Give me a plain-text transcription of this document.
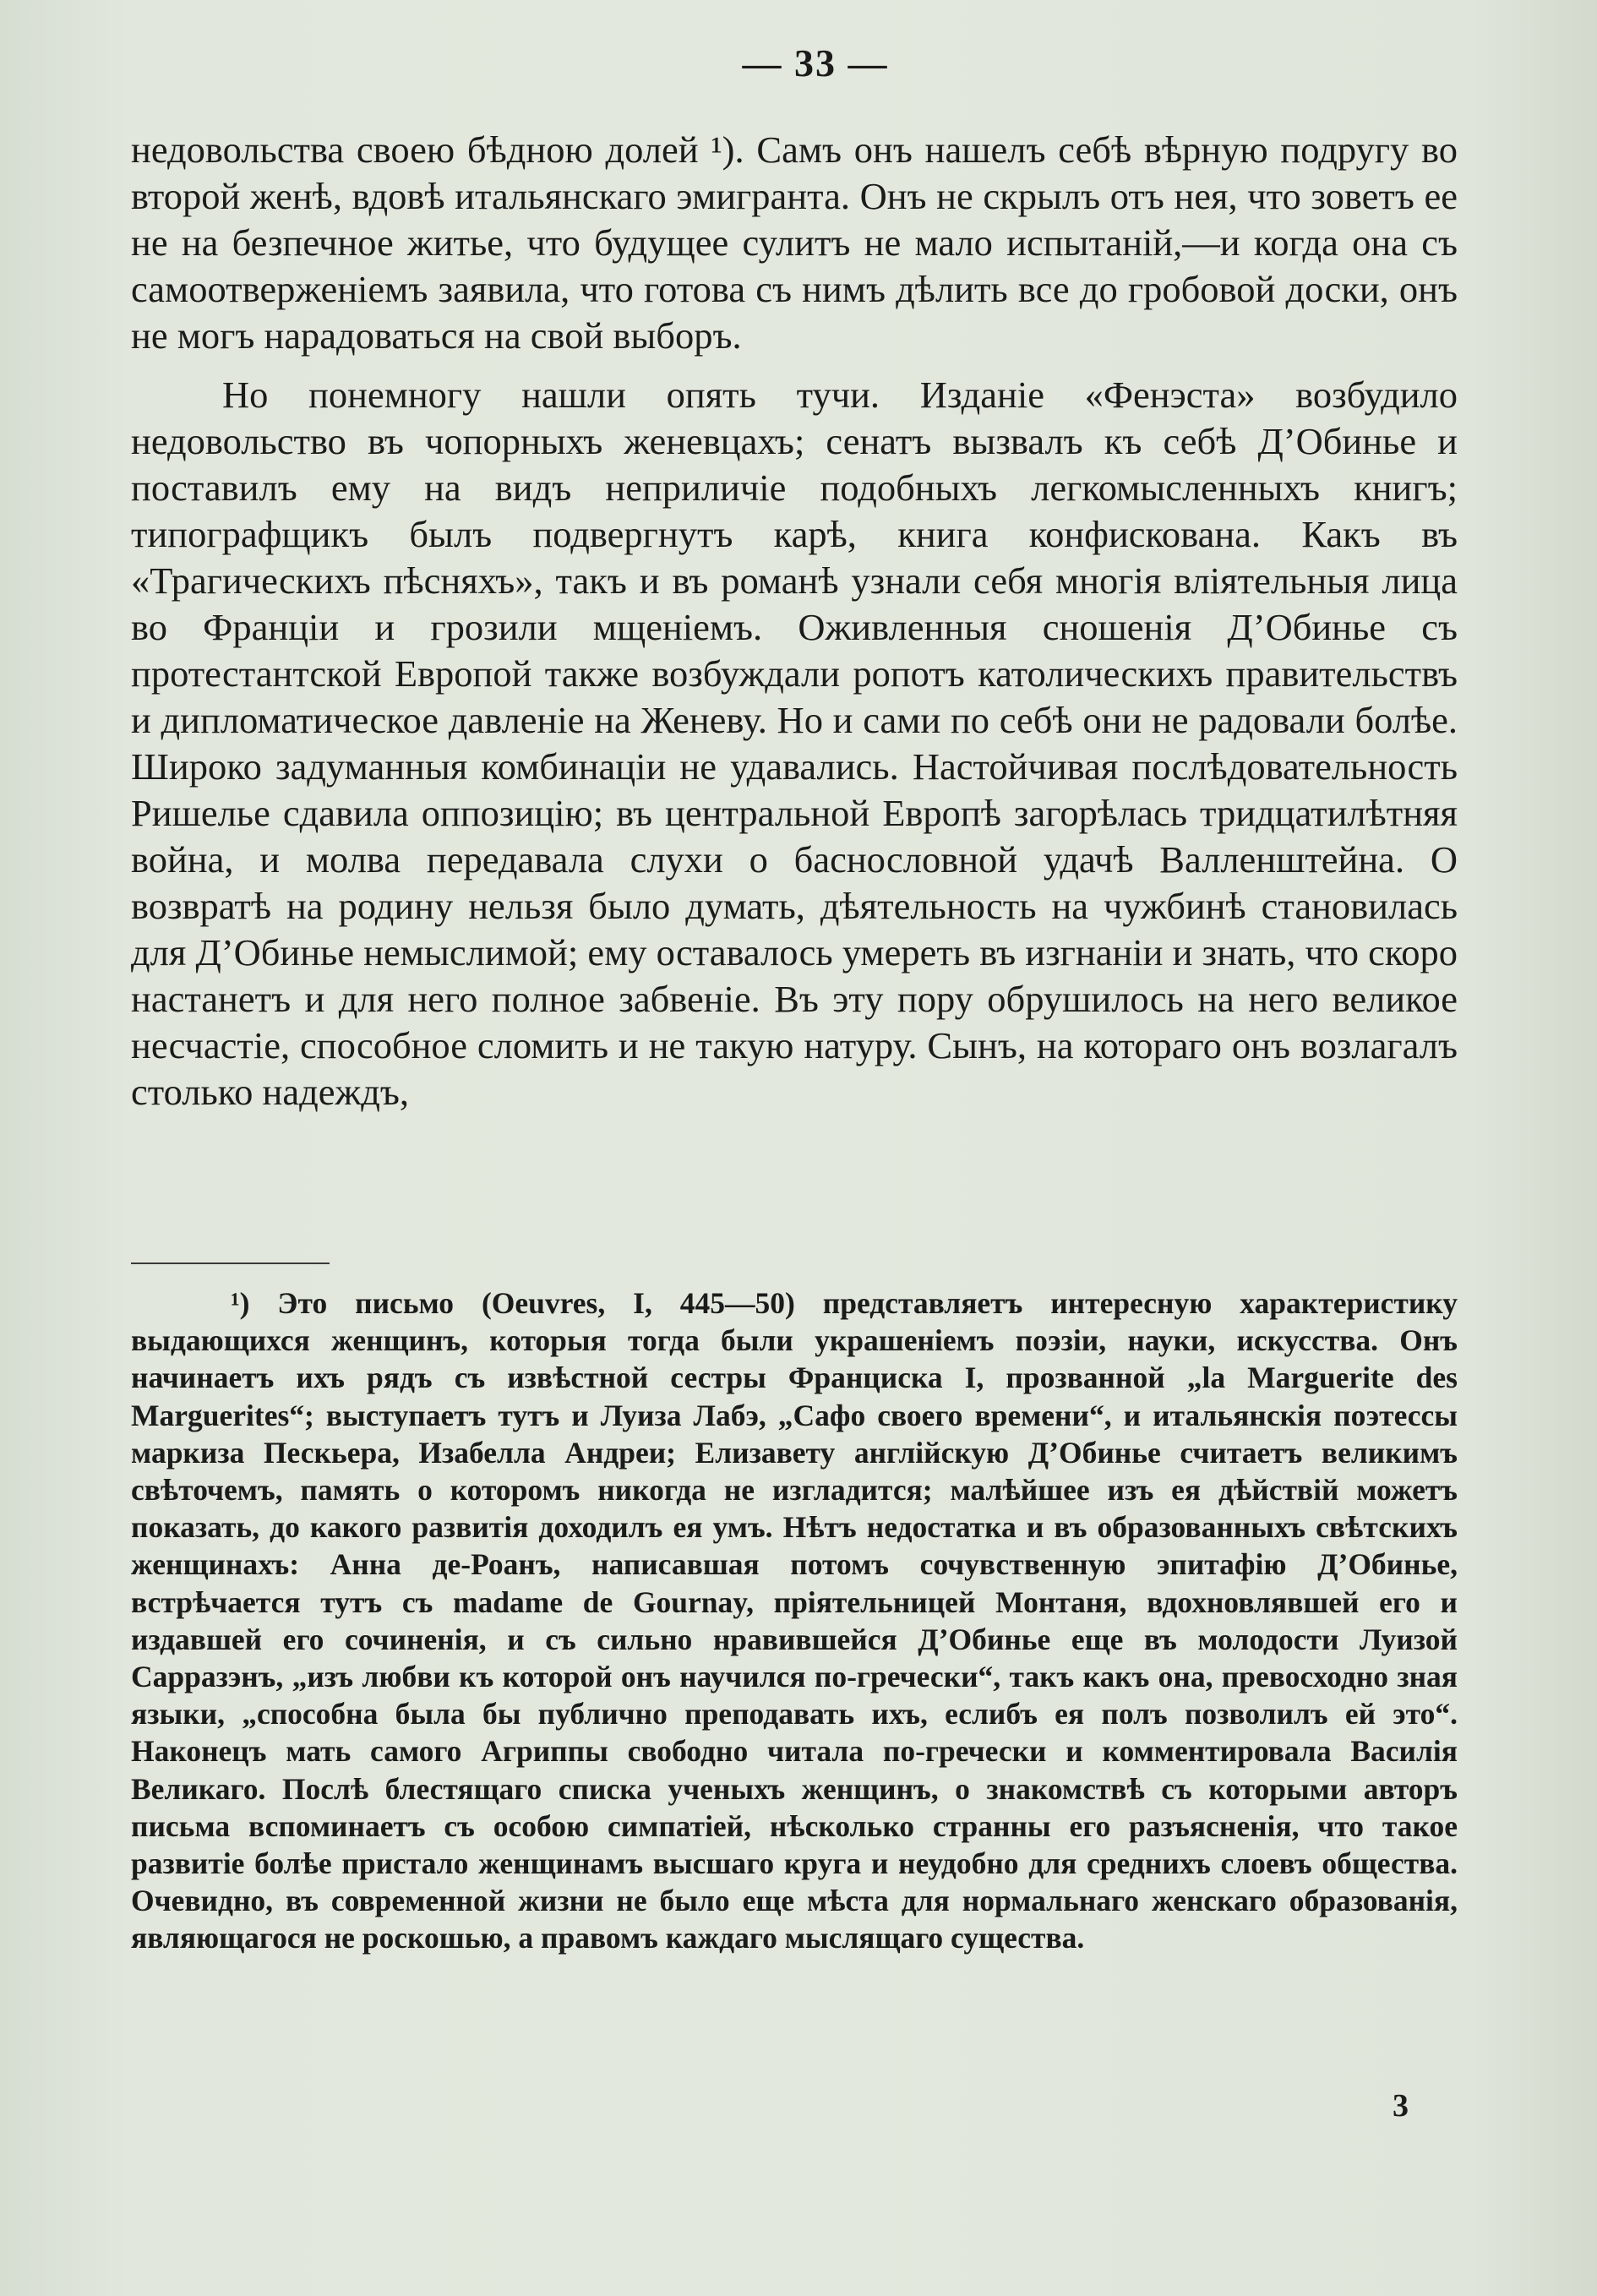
— 33 —

недовольства своею бѣдною долей ¹). Самъ онъ нашелъ себѣ вѣрную подругу во второй женѣ, вдовѣ итальянскаго эмигранта. Онъ не скрылъ отъ нея, что зоветъ ее не на безпечное житье, что будущее сулитъ не мало испытаній,—и когда она съ самоотверженіемъ заявила, что готова съ нимъ дѣлить все до гробовой доски, онъ не могъ нарадоваться на свой выборъ.

Но понемногу нашли опять тучи. Изданіе «Фенэста» возбудило недовольство въ чопорныхъ женевцахъ; сенатъ вызвалъ къ себѣ Д’Обинье и поставилъ ему на видъ неприличіе подобныхъ легкомысленныхъ книгъ; типографщикъ былъ подвергнутъ карѣ, книга конфискована. Какъ въ «Трагическихъ пѣсняхъ», такъ и въ романѣ узнали себя многія вліятельныя лица во Франціи и грозили мщеніемъ. Оживленныя сношенія Д’Обинье съ протестантской Европой также возбуждали ропотъ католическихъ правительствъ и дипломатическое давленіе на Женеву. Но и сами по себѣ они не радовали болѣе. Широко задуманныя комбинаціи не удавались. Настойчивая послѣдовательность Ришелье сдавила оппозицію; въ центральной Европѣ загорѣлась тридцатилѣтняя война, и молва передавала слухи о баснословной удачѣ Валленштейна. О возвратѣ на родину нельзя было думать, дѣятельность на чужбинѣ становилась для Д’Обинье немыслимой; ему оставалось умереть въ изгнаніи и знать, что скоро настанетъ и для него полное забвеніе. Въ эту пору обрушилось на него великое несчастіе, способное сломить и не такую натуру. Сынъ, на котораго онъ возлагалъ столько надеждъ,

¹) Это письмо (Oeuvres, I, 445—50) представляетъ интересную характеристику выдающихся женщинъ, которыя тогда были украшеніемъ поэзіи, науки, искусства. Онъ начинаетъ ихъ рядъ съ извѣстной сестры Франциска I, прозванной „la Marguerite des Marguerites“; выступаетъ тутъ и Луиза Лабэ, „Сафо своего времени“, и итальянскія поэтессы маркиза Пескьера, Изабелла Андреи; Елизавету англійскую Д’Обинье считаетъ великимъ свѣточемъ, память о которомъ никогда не изгладится; малѣйшее изъ ея дѣйствій можетъ показать, до какого развитія доходилъ ея умъ. Нѣтъ недостатка и въ образованныхъ свѣтскихъ женщинахъ: Анна де-Роанъ, написавшая потомъ сочувственную эпитафію Д’Обинье, встрѣчается тутъ съ madame de Gournay, пріятельницей Монтаня, вдохновлявшей его и издавшей его сочиненія, и съ сильно нравившейся Д’Обинье еще въ молодости Луизой Сарразэнъ, „изъ любви къ которой онъ научился по-гречески“, такъ какъ она, превосходно зная языки, „способна была бы публично преподавать ихъ, еслибъ ея полъ позволилъ ей это“. Наконецъ мать самого Агриппы свободно читала по-гречески и комментировала Василія Великаго. Послѣ блестящаго списка ученыхъ женщинъ, о знакомствѣ съ которыми авторъ письма вспоминаетъ съ особою симпатіей, нѣсколько странны его разъясненія, что такое развитіе болѣе пристало женщинамъ высшаго круга и неудобно для среднихъ слоевъ общества. Очевидно, въ современной жизни не было еще мѣста для нормальнаго женскаго образованія, являющагося не роскошью, а правомъ каждаго мыслящаго существа.
3
